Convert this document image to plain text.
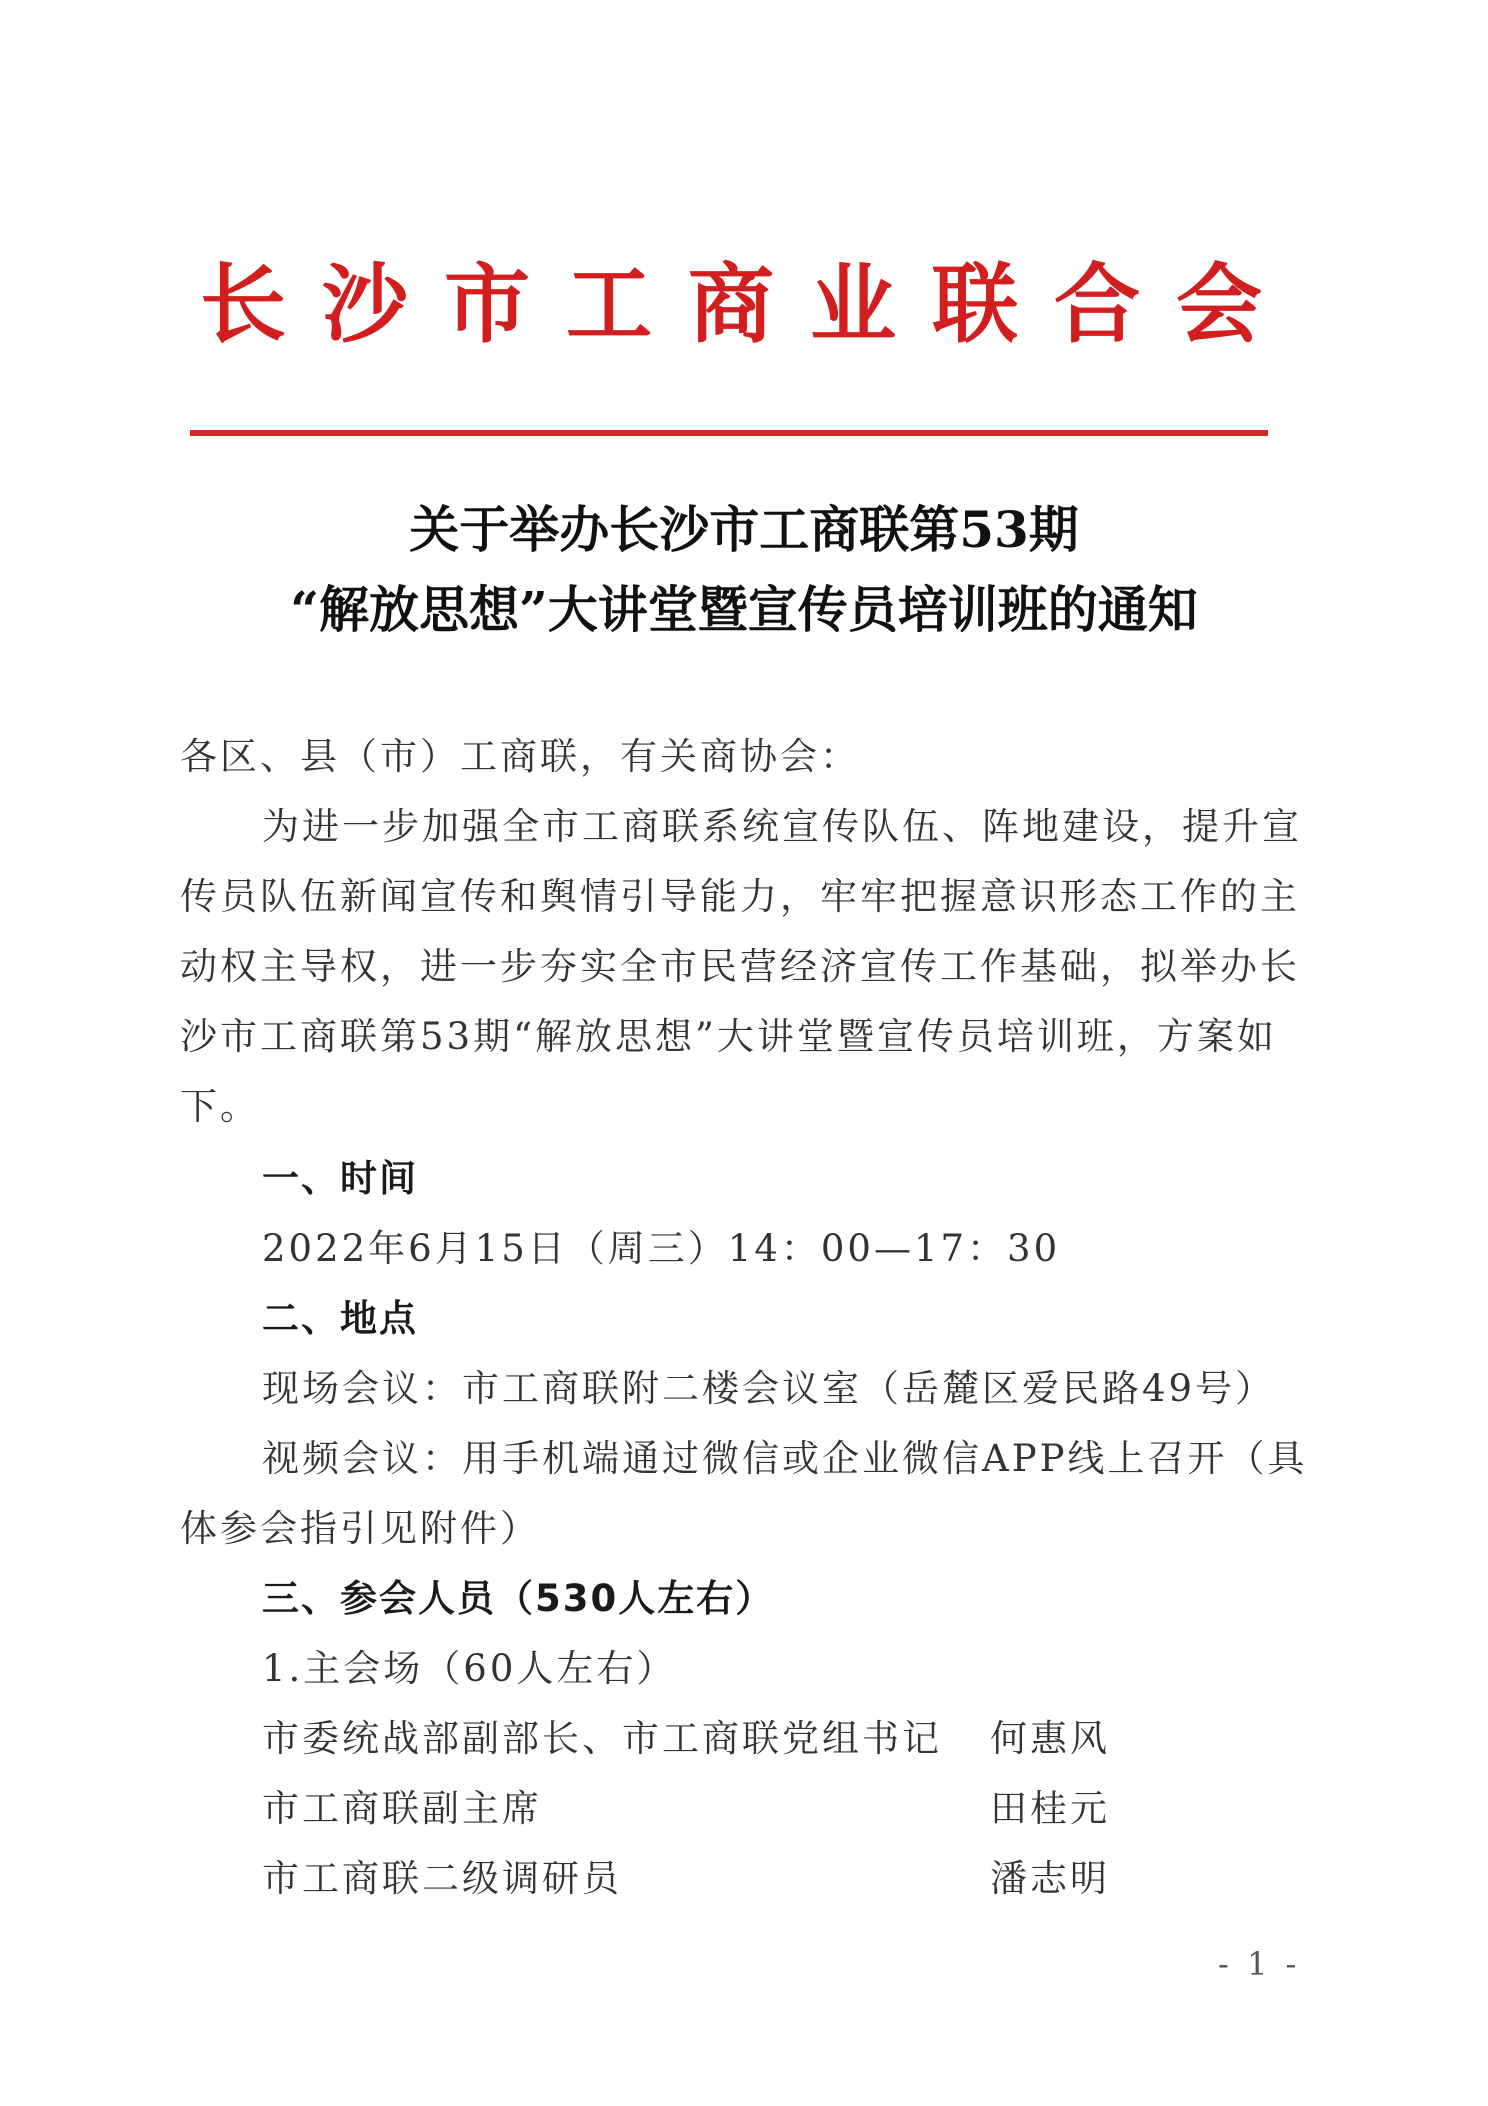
长沙市工商业联合会
关于举办长沙市工商联第53期
“解放思想”大讲堂暨宣传员培训班的通知
各区、县（市）工商联，有关商协会：
为进一步加强全市工商联系统宣传队伍、阵地建设，提升宣
传员队伍新闻宣传和舆情引导能力，牢牢把握意识形态工作的主
动权主导权，进一步夯实全市民营经济宣传工作基础，拟举办长
沙市工商联第53期“解放思想”大讲堂暨宣传员培训班，方案如
下。
一、时间
2022年6月15日（周三）14：00—17：30
二、地点
现场会议：市工商联附二楼会议室（岳麓区爱民路49号）
视频会议：用手机端通过微信或企业微信APP线上召开（具
体参会指引见附件）
三、参会人员（530人左右）
1.主会场（60人左右）
市委统战部副部长、市工商联党组书记 何惠风
市工商联副主席	田桂元
市工商联二级调研员	潘志明
- 1 -
